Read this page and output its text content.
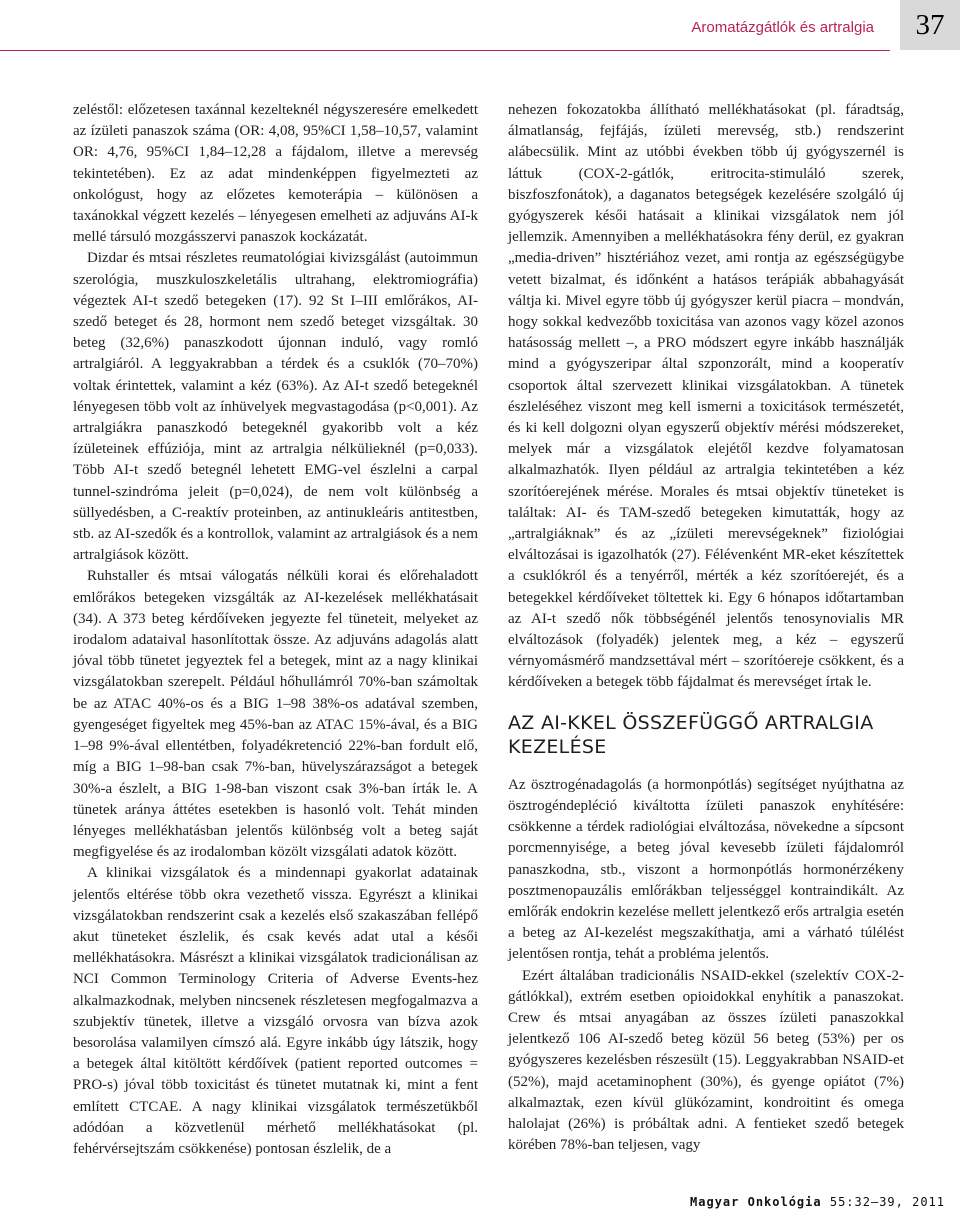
Aromatázgátlók és artralgia	37

zeléstől: előzetesen taxánnal kezelteknél négyszeresére emelkedett az ízületi panaszok száma (OR: 4,08, 95%CI 1,58–10,57, valamint OR: 4,76, 95%CI 1,84–12,28 a fájdalom, illetve a merevség tekintetében). Ez az adat mindenképpen figyelmezteti az onkológust, hogy az előzetes kemoterápia – különösen a taxánokkal végzett kezelés – lényegesen emelheti az adjuváns AI-k mellé társuló mozgásszervi panaszok kockázatát.

Dizdar és mtsai részletes reumatológiai kivizsgálást (autoimmun szerológia, muszkuloszkeletális ultrahang, elektromiográfia) végeztek AI-t szedő betegeken (17). 92 St I–III emlőrákos, AI-szedő beteget és 28, hormont nem szedő beteget vizsgáltak. 30 beteg (32,6%) panaszkodott újonnan induló, vagy romló artralgiáról. A leggyakrabban a térdek és a csuklók (70–70%) voltak érintettek, valamint a kéz (63%). Az AI-t szedő betegeknél lényegesen több volt az ínhüvelyek megvastagodása (p<0,001). Az artralgiákra panaszkodó betegeknél gyakoribb volt a kéz ízületeinek effúziója, mint az artralgia nélkülieknél (p=0,033). Több AI-t szedő betegnél lehetett EMG-vel észlelni a carpal tunnel-szindróma jeleit (p=0,024), de nem volt különbség a süllyedésben, a C-reaktív proteinben, az antinukleáris antitestben, stb. az AI-szedők és a kontrollok, valamint az artralgiások és a nem artralgiások között.

Ruhstaller és mtsai válogatás nélküli korai és előrehaladott emlőrákos betegeken vizsgálták az AI-kezelések mellékhatásait (34). A 373 beteg kérdőíveken jegyezte fel tüneteit, melyeket az irodalom adataival hasonlítottak össze. Az adjuváns adagolás alatt jóval több tünetet jegyeztek fel a betegek, mint az a nagy klinikai vizsgálatokban szerepelt. Például hőhullámról 70%-ban számoltak be az ATAC 40%-os és a BIG 1–98 38%-os adatával szemben, gyengeséget figyeltek meg 45%-ban az ATAC 15%-ával, és a BIG 1–98 9%-ával ellentétben, folyadékretenció 22%-ban fordult elő, míg a BIG 1–98-ban csak 7%-ban, hüvelyszárazságot a betegek 30%-a észlelt, a BIG 1-98-ban viszont csak 3%-ban írták le. A tünetek aránya áttétes esetekben is hasonló volt. Tehát minden lényeges mellékhatásban jelentős különbség volt a beteg saját megfigyelése és az irodalomban közölt vizsgálati adatok között.

A klinikai vizsgálatok és a mindennapi gyakorlat adatainak jelentős eltérése több okra vezethető vissza. Egyrészt a klinikai vizsgálatokban rendszerint csak a kezelés első szakaszában fellépő akut tüneteket észlelik, és csak kevés adat utal a késői mellékhatásokra. Másrészt a klinikai vizsgálatok tradicionálisan az NCI Common Terminology Criteria of Adverse Events-hez alkalmazkodnak, melyben nincsenek részletesen megfogalmazva a szubjektív tünetek, illetve a vizsgáló orvosra van bízva azok besorolása valamilyen címszó alá. Egyre inkább úgy látszik, hogy a betegek által kitöltött kérdőívek (patient reported outcomes = PRO-s) jóval több toxicitást és tünetet mutatnak ki, mint a fent említett CTCAE. A nagy klinikai vizsgálatok természetükből adódóan a közvetlenül mérhető mellékhatásokat (pl. fehérvérsejtszám csökkenése) pontosan észlelik, de a

nehezen fokozatokba állítható mellékhatásokat (pl. fáradtság, álmatlanság, fejfájás, ízületi merevség, stb.) rendszerint alábecsülik. Mint az utóbbi években több új gyógyszernél is láttuk (COX-2-gátlók, eritrocita-stimuláló szerek, biszfoszfonátok), a daganatos betegségek kezelésére szolgáló új gyógyszerek késői hatásait a klinikai vizsgálatok nem jól jellemzik. Amennyiben a mellékhatásokra fény derül, ez gyakran „media-driven” hisztériához vezet, ami rontja az egészségügybe vetett bizalmat, és időnként a hatásos terápiák abbahagyását váltja ki. Mivel egyre több új gyógyszer kerül piacra – mondván, hogy sokkal kedvezőbb toxicitása van azonos vagy közel azonos hatásosság mellett –, a PRO módszert egyre inkább használják mind a gyógyszeripar által szponzorált, mind a kooperatív csoportok által szervezett klinikai vizsgálatokban. A tünetek észleléséhez viszont meg kell ismerni a toxicitások természetét, és ki kell dolgozni olyan egyszerű objektív mérési módszereket, melyek már a vizsgálatok elejétől kezdve folyamatosan alkalmazhatók. Ilyen például az artralgia tekintetében a kéz szorítóerejének mérése. Morales és mtsai objektív tüneteket is találtak: AI- és TAM-szedő betegeken kimutatták, hogy az „artralgiáknak” és az „ízületi merevségeknek” fiziológiai elváltozásai is igazolhatók (27). Félévenként MR-eket készítettek a csuklókról és a tenyérről, mérték a kéz szorítóerejét, és a betegekkel kérdőíveket töltettek ki. Egy 6 hónapos időtartamban az AI-t szedő nők többségénél jelentős tenosynovialis MR elváltozások (folyadék) jelentek meg, a kéz – egyszerű vérnyomásmérő mandzsettával mért – szorítóereje csökkent, és a kérdőíveken a betegek több fájdalmat és merevséget írtak le.

AZ AI-KKEL ÖSSZEFÜGGŐ ARTRALGIA KEZELÉSE

Az ösztrogénadagolás (a hormonpótlás) segítséget nyújthatna az ösztrogéndepléció kiváltotta ízületi panaszok enyhítésére: csökkenne a térdek radiológiai elváltozása, növekedne a sípcsont porcmennyisége, a beteg jóval kevesebb ízületi fájdalomról panaszkodna, stb., viszont a hormonpótlás hormonérzékeny posztmenopauzális emlőrákban teljességgel kontraindikált. Az emlőrák endokrin kezelése mellett jelentkező erős artralgia esetén a beteg az AI-kezelést megszakíthatja, ami a várható túlélést jelentősen rontja, tehát a probléma jelentős.

Ezért általában tradicionális NSAID-ekkel (szelektív COX-2-gátlókkal), extrém esetben opioidokkal enyhítik a panaszokat. Crew és mtsai anyagában az összes ízületi panaszokkal jelentkező 106 AI-szedő beteg közül 56 beteg (53%) per os gyógyszeres kezelésben részesült (15). Leggyakrabban NSAID-et (52%), majd acetaminophent (30%), és gyenge opiátot (7%) alkalmaztak, ezen kívül glükózamint, kondroitint és omega halolajat (26%) is próbáltak adni. A fentieket szedő betegek körében 78%-ban teljesen, vagy

Magyar Onkológia 55:32–39, 2011
